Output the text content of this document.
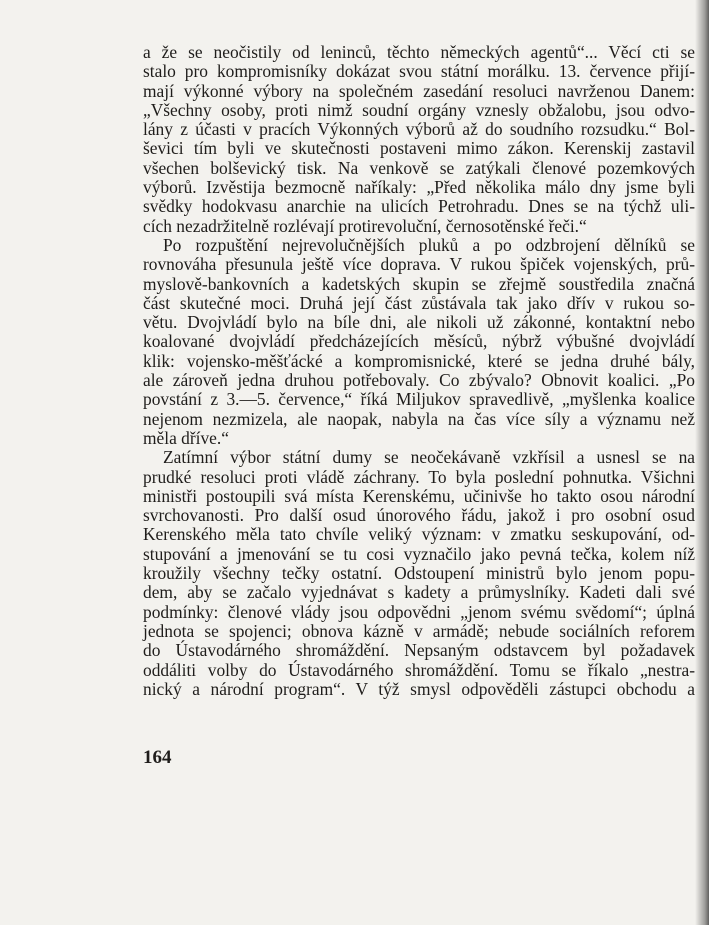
a že se neočistily od leninců, těchto německých agentů“... Věcí cti se
stalo pro kompromisníky dokázat svou státní morálku. 13. července přijí-
mají výkonné výbory na společném zasedání resoluci navrženou Danem:
„Všechny osoby, proti nimž soudní orgány vznesly obžalobu, jsou odvo-
lány z účasti v pracích Výkonných výborů až do soudního rozsudku.“ Bol-
ševici tím byli ve skutečnosti postaveni mimo zákon. Kerenskij zastavil
všechen bolševický tisk. Na venkově se zatýkali členové pozemkových
výborů. Izvěstija bezmocně naříkaly: „Před několika málo dny jsme byli
svědky hodokvasu anarchie na ulicích Petrohradu. Dnes se na týchž uli-
cích nezadržitelně rozlévají protirevoluční, černosotěnské řeči.“
Po rozpuštění nejrevolučnějších pluků a po odzbrojení dělníků se
rovnováha přesunula ještě více doprava. V rukou špiček vojenských, prů-
myslově-bankovních a kadetských skupin se zřejmě soustředila značná
část skutečné moci. Druhá její část zůstávala tak jako dřív v rukou so-
větu. Dvojvládí bylo na bíle dni, ale nikoli už zákonné, kontaktní nebo
koalované dvojvládí předcházejících měsíců, nýbrž výbušné dvojvládí
klik: vojensko-měšťácké a kompromisnické, které se jedna druhé bály,
ale zároveň jedna druhou potřebovaly. Co zbývalo? Obnovit koalici. „Po
povstání z 3.—5. července,“ říká Miljukov spravedlivě, „myšlenka koalice
nejenom nezmizela, ale naopak, nabyla na čas více síly a významu než
měla dříve.“
Zatímní výbor státní dumy se neočekávaně vzkřísil a usnesl se na
prudké resoluci proti vládě záchrany. To byla poslední pohnutka. Všichni
ministři postoupili svá místa Kerenskému, učinivše ho takto osou národní
svrchovanosti. Pro další osud únorového řádu, jakož i pro osobní osud
Kerenského měla tato chvíle veliký význam: v zmatku seskupování, od-
stupování a jmenování se tu cosi vyznačilo jako pevná tečka, kolem níž
kroužily všechny tečky ostatní. Odstoupení ministrů bylo jenom popu-
dem, aby se začalo vyjednávat s kadety a průmyslníky. Kadeti dali své
podmínky: členové vlády jsou odpovědni „jenom svému svědomí“; úplná
jednota se spojenci; obnova kázně v armádě; nebude sociálních reforem
do Ústavodárného shromáždění. Nepsaným odstavcem byl požadavek
oddáliti volby do Ústavodárného shromáždění. Tomu se říkalo „nestra-
nický a národní program“. V týž smysl odpověděli zástupci obchodu a
164
